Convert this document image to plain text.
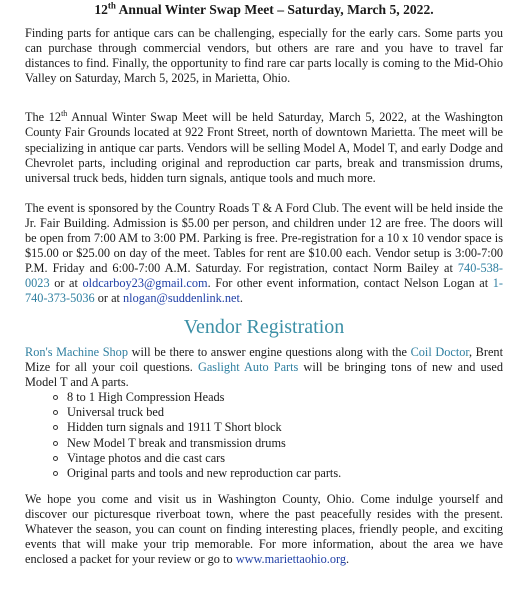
12th Annual Winter Swap Meet – Saturday, March 5, 2022.

Finding parts for antique cars can be challenging, especially for the early cars. Some parts you can purchase through commercial vendors, but others are rare and you have to travel far distances to find. Finally, the opportunity to find rare car parts locally is coming to the Mid-Ohio Valley on Saturday, March 5, 2025, in Marietta, Ohio.

The 12th Annual Winter Swap Meet will be held Saturday, March 5, 2022, at the Washington County Fair Grounds located at 922 Front Street, north of downtown Marietta. The meet will be specializing in antique car parts. Vendors will be selling Model A, Model T, and early Dodge and Chevrolet parts, including original and reproduction car parts, break and transmission drums, universal truck beds, hidden turn signals, antique tools and much more.

The event is sponsored by the Country Roads T & A Ford Club. The event will be held inside the Jr. Fair Building. Admission is $5.00 per person, and children under 12 are free. The doors will be open from 7:00 AM to 3:00 PM. Parking is free. Pre-registration for a 10 x 10 vendor space is $15.00 or $25.00 on day of the meet. Tables for rent are $10.00 each. Vendor setup is 3:00-7:00 P.M. Friday and 6:00-7:00 A.M. Saturday. For registration, contact Norm Bailey at 740-538-0023 or at oldcarboy23@gmail.com. For other event information, contact Nelson Logan at 1-740-373-5036 or at nlogan@suddenlink.net.

Vendor Registration

Ron's Machine Shop will be there to answer engine questions along with the Coil Doctor, Brent Mize for all your coil questions. Gaslight Auto Parts will be bringing tons of new and used Model T and A parts.

8 to 1 High Compression Heads
Universal truck bed
Hidden turn signals and 1911 T Short block
New Model T break and transmission drums
Vintage photos and die cast cars
Original parts and tools and new reproduction car parts.

We hope you come and visit us in Washington County, Ohio. Come indulge yourself and discover our picturesque riverboat town, where the past peacefully resides with the present. Whatever the season, you can count on finding interesting places, friendly people, and exciting events that will make your trip memorable. For more information, about the area we have enclosed a packet for your review or go to www.mariettaohio.org.
